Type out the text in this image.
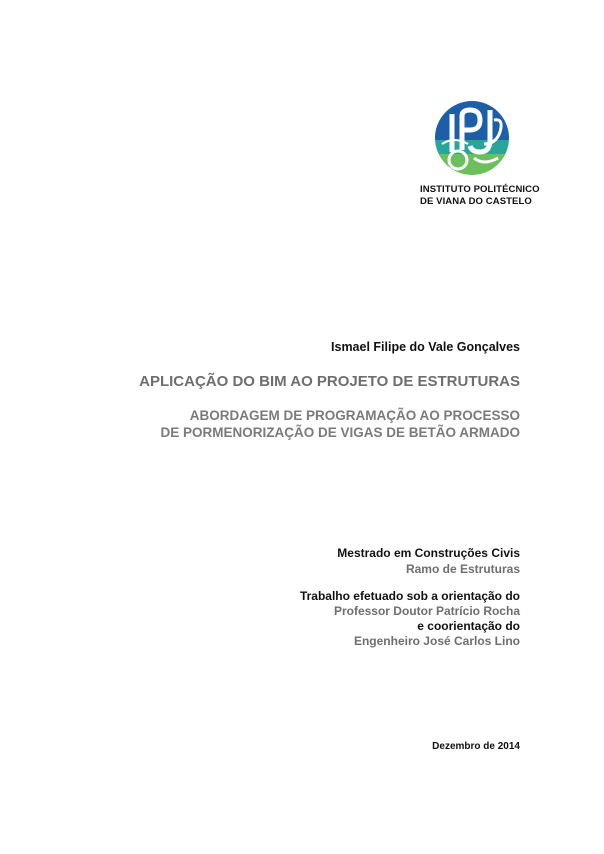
INSTITUTO POLITÉCNICO
DE VIANA DO CASTELO
Ismael Filipe do Vale Gonçalves
APLICAÇÃO DO BIM AO PROJETO DE ESTRUTURAS
ABORDAGEM DE PROGRAMAÇÃO AO PROCESSO
DE PORMENORIZAÇÃO DE VIGAS DE BETÃO ARMADO
Mestrado em Construções Civis
Ramo de Estruturas
Trabalho efetuado sob a orientação do
Professor Doutor Patrício Rocha
e coorientação do
Engenheiro José Carlos Lino
Dezembro de 2014
